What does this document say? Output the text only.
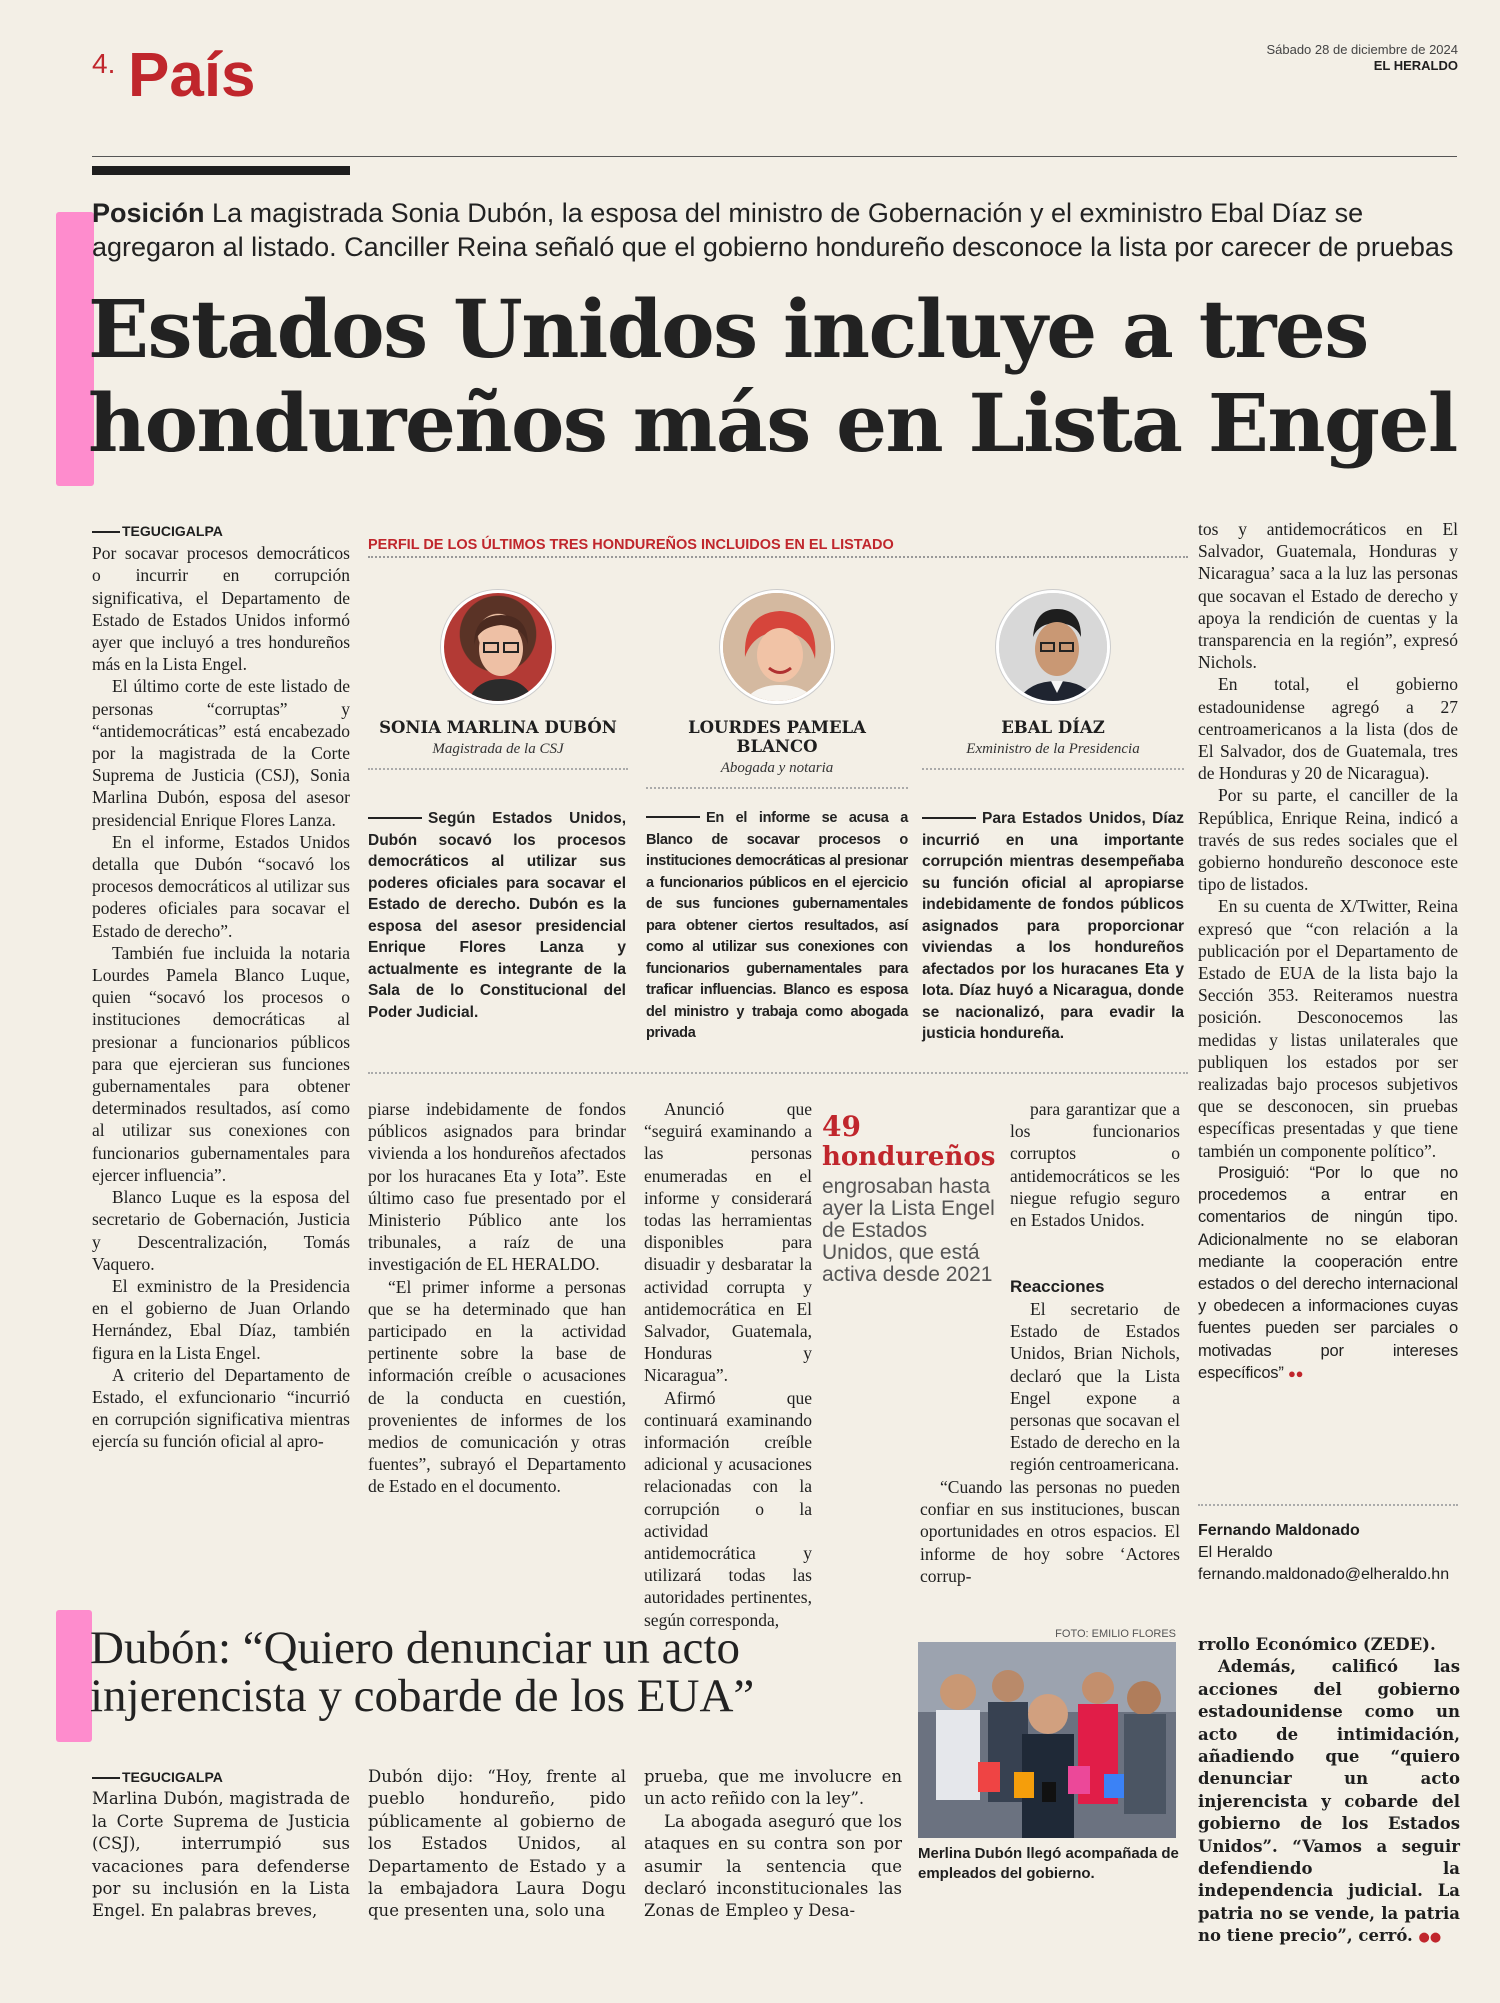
4. País	Sábado 28 de diciembre de 2024
EL HERALDO
Posición La magistrada Sonia Dubón, la esposa del ministro de Gobernación y el exministro Ebal Díaz se agregaron al listado. Canciller Reina señaló que el gobierno hondureño desconoce la lista por carecer de pruebas
Estados Unidos incluye a tres
hondureños más en Lista Engel
TEGUCIGALPA

Por socavar procesos democráticos o incurrir en corrupción significativa, el Departamento de Estado de Estados Unidos informó ayer que incluyó a tres hondureños más en la Lista Engel.

El último corte de este listado de personas “corruptas” y “antidemocráticas” está encabezado por la magistrada de la Corte Suprema de Justicia (CSJ), Sonia Marlina Dubón, esposa del asesor presidencial Enrique Flores Lanza.

En el informe, Estados Unidos detalla que Dubón “socavó los procesos democráticos al utilizar sus poderes oficiales para socavar el Estado de derecho”.

También fue incluida la notaria Lourdes Pamela Blanco Luque, quien “socavó los procesos o instituciones democráticas al presionar a funcionarios públicos para que ejercieran sus funciones gubernamentales para obtener determinados resultados, así como al utilizar sus conexiones con funcionarios gubernamentales para ejercer influencia”.

Blanco Luque es la esposa del secretario de Gobernación, Justicia y Descentralización, Tomás Vaquero.

El exministro de la Presidencia en el gobierno de Juan Orlando Hernández, Ebal Díaz, también figura en la Lista Engel.

A criterio del Departamento de Estado, el exfuncionario “incurrió en corrupción significativa mientras ejercía su función oficial al apro-

PERFIL DE LOS ÚLTIMOS TRES HONDUREÑOS INCLUIDOS EN EL LISTADO
SONIA MARLINA DUBÓN
Magistrada de la CSJ
LOURDES PAMELA BLANCO
Abogada y notaria
EBAL DÍAZ
Exministro de la Presidencia
Según Estados Unidos, Dubón socavó los procesos democráticos al utilizar sus poderes oficiales para socavar el Estado de derecho. Dubón es la esposa del asesor presidencial Enrique Flores Lanza y actualmente es integrante de la Sala de lo Constitucional del Poder Judicial.
En el informe se acusa a Blanco de socavar procesos o instituciones democráticas al presionar a funcionarios públicos en el ejercicio de sus funciones gubernamentales para obtener ciertos resultados, así como al utilizar sus conexiones con funcionarios gubernamentales para traficar influencias. Blanco es esposa del ministro y trabaja como abogada privada
Para Estados Unidos, Díaz incurrió en una importante corrupción mientras desempeñaba su función oficial al apropiarse indebidamente de fondos públicos asignados para proporcionar viviendas a los hondureños afectados por los huracanes Eta y Iota. Díaz huyó a Nicaragua, donde se nacionalizó, para evadir la justicia hondureña.

piarse indebidamente de fondos públicos asignados para brindar vivienda a los hondureños afectados por los huracanes Eta y Iota”. Este último caso fue presentado por el Ministerio Público ante los tribunales, a raíz de una investigación de EL HERALDO.

“El primer informe a personas que se ha determinado que han participado en la actividad pertinente sobre la base de información creíble o acusaciones de la conducta en cuestión, provenientes de informes de los medios de comunicación y otras fuentes”, subrayó el Departamento de Estado en el documento.

Anunció que “seguirá examinando a las personas enumeradas en el informe y considerará todas las herramientas disponibles para disuadir y desbaratar la actividad corrupta y antidemocrática en El Salvador, Guatemala, Honduras y Nicaragua”.

Afirmó que continuará examinando información creíble adicional y acusaciones relacionadas con la corrupción o la actividad antidemocrática y utilizará todas las autoridades pertinentes, según corresponda,

49
hondureños
engrosaban hasta ayer la Lista Engel de Estados Unidos, que está activa desde 2021

para garantizar que a los funcionarios corruptos o antidemocráticos se les niegue refugio seguro en Estados Unidos.

Reacciones

El secretario de Estado de Estados Unidos, Brian Nichols, declaró que la Lista Engel expone a personas que socavan el Estado de derecho en la región centroamericana.

“Cuando las personas no pueden confiar en sus instituciones, buscan oportunidades en otros espacios. El informe de hoy sobre ‘Actores corrup-

tos y antidemocráticos en El Salvador, Guatemala, Honduras y Nicaragua’ saca a la luz las personas que socavan el Estado de derecho y apoya la rendición de cuentas y la transparencia en la región”, expresó Nichols.

En total, el gobierno estadounidense agregó a 27 centroamericanos a la lista (dos de El Salvador, dos de Guatemala, tres de Honduras y 20 de Nicaragua).

Por su parte, el canciller de la República, Enrique Reina, indicó a través de sus redes sociales que el gobierno hondureño desconoce este tipo de listados.

En su cuenta de X/Twitter, Reina expresó que “con relación a la publicación por el Departamento de Estado de EUA de la lista bajo la Sección 353. Reiteramos nuestra posición. Desconocemos las medidas y listas unilaterales que publiquen los estados por ser realizadas bajo procesos subjetivos que se desconocen, sin pruebas específicas presentadas y que tiene también un componente político”.

Prosiguió: “Por lo que no procedemos a entrar en comentarios de ningún tipo. Adicionalmente no se elaboran mediante la cooperación entre estados o del derecho internacional y obedecen a informaciones cuyas fuentes pueden ser parciales o motivadas por intereses específicos” ●●

Fernando Maldonado
El Heraldo
fernando.maldonado@elheraldo.hn
Dubón: “Quiero denunciar un acto
injerencista y cobarde de los EUA”
TEGUCIGALPA

Marlina Dubón, magistrada de la Corte Suprema de Justicia (CSJ), interrumpió sus vacaciones para defenderse por su inclusión en la Lista Engel. En palabras breves,

Dubón dijo: “Hoy, frente al pueblo hondureño, pido públicamente al gobierno de los Estados Unidos, al Departamento de Estado y a la embajadora Laura Dogu que presenten una, solo una

prueba, que me involucre en un acto reñido con la ley”.

La abogada aseguró que los ataques en su contra son por asumir la sentencia que declaró inconstitucionales las Zonas de Empleo y Desa-

FOTO: EMILIO FLORES
Merlina Dubón llegó acompañada de empleados del gobierno.

rrollo Económico (ZEDE).

Además, calificó las acciones del gobierno estadounidense como un acto de intimidación, añadiendo que “quiero denunciar un acto injerencista y cobarde del gobierno de los Estados Unidos”. “Vamos a seguir defendiendo la independencia judicial. La patria no se vende, la patria no tiene precio”, cerró. ●●
